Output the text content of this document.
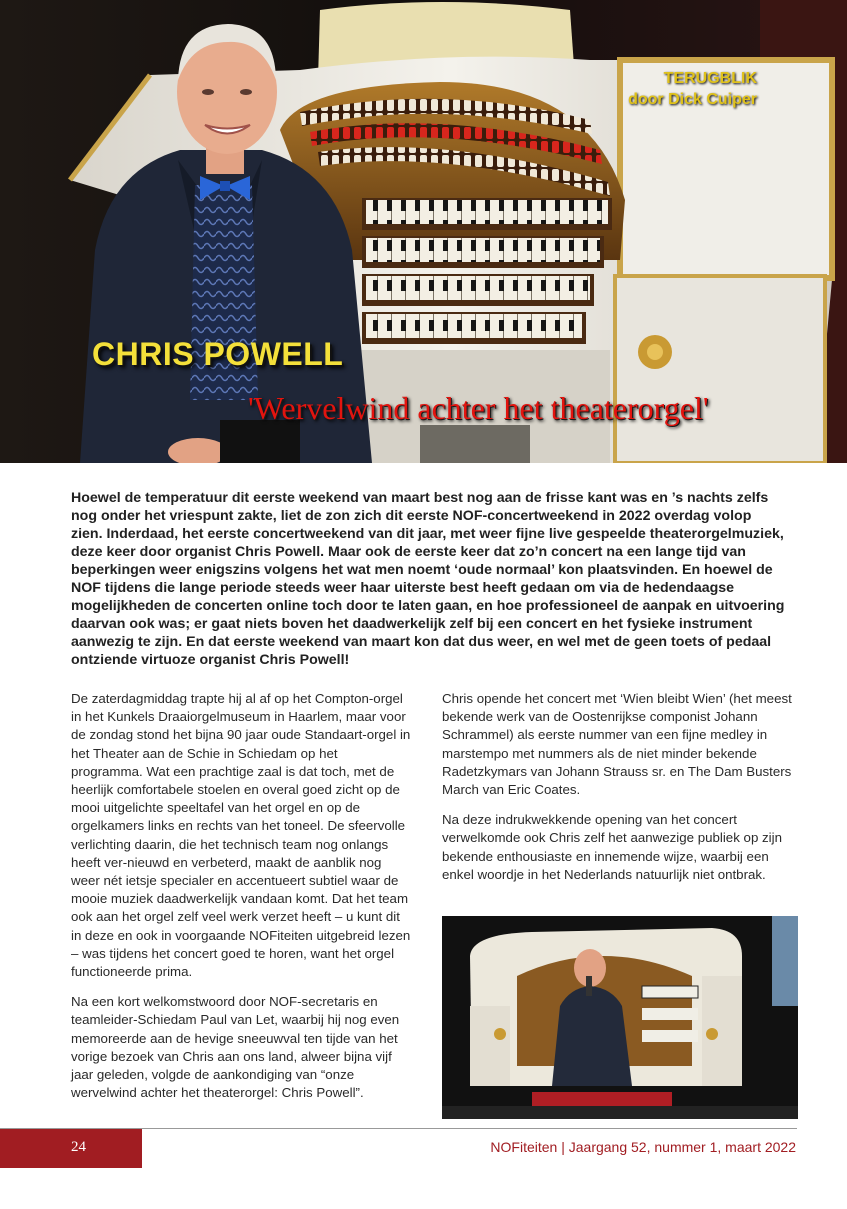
TERUGBLIK
door Dick Cuiper
CHRIS POWELL
'Wervelwind achter het theaterorgel'
Hoewel de temperatuur dit eerste weekend van maart best nog aan de frisse kant was en ’s nachts zelfs nog onder het vriespunt zakte, liet de zon zich dit eerste NOF-concertweekend in 2022 overdag volop zien. Inderdaad, het eerste concertweekend van dit jaar, met weer fijne live gespeelde theaterorgelmuziek, deze keer door organist Chris Powell. Maar ook de eerste keer dat zo’n concert na een lange tijd van beperkingen weer enigszins volgens het wat men noemt ‘oude normaal’ kon plaatsvinden. En hoewel de NOF tijdens die lange periode steeds weer haar uiterste best heeft gedaan om via de hedendaagse mogelijkheden de concerten online toch door te laten gaan, en hoe professioneel de aanpak en uitvoering daarvan ook was; er gaat niets boven het daadwerkelijk zelf bij een concert en het fysieke instrument aanwezig te zijn. En dat eerste weekend van maart kon dat dus weer, en wel met de geen toets of pedaal ontziende virtuoze organist Chris Powell!

De zaterdagmiddag trapte hij al af op het Compton-orgel in het Kunkels Draaiorgelmuseum in Haarlem, maar voor de zondag stond het bijna 90 jaar oude Standaart-orgel in het Theater aan de Schie in Schiedam op het programma. Wat een prachtige zaal is dat toch, met de heerlijk comfortabele stoelen en overal goed zicht op de mooi uitgelichte speeltafel van het orgel en op de orgelkamers links en rechts van het toneel. De sfeervolle verlichting daarin, die het technisch team nog onlangs heeft ver-nieuwd en verbeterd, maakt de aanblik nog weer nét ietsje specialer en accentueert subtiel waar de mooie muziek daadwerkelijk vandaan komt. Dat het team ook aan het orgel zelf veel werk verzet heeft – u kunt dit in deze en ook in voorgaande NOFiteiten uitgebreid lezen – was tijdens het concert goed te horen, want het orgel functioneerde prima.

Na een kort welkomstwoord door NOF-secretaris en teamleider-Schiedam Paul van Let, waarbij hij nog even memoreerde aan de hevige sneeuwval ten tijde van het vorige bezoek van Chris aan ons land, alweer bijna vijf jaar geleden, volgde de aankondiging van “onze wervelwind achter het theaterorgel: Chris Powell”.

Chris opende het concert met ‘Wien bleibt Wien’ (het meest bekende werk van de Oostenrijkse componist Johann Schrammel) als eerste nummer van een fijne medley in marstempo met nummers als de niet minder bekende Radetzkymars van Johann Strauss sr. en The Dam Busters March van Eric Coates.

Na deze indrukwekkende opening van het concert verwelkomde ook Chris zelf het aanwezige publiek op zijn bekende enthousiaste en innemende wijze, waarbij een enkel woordje in het Nederlands natuurlijk niet ontbrak.

24	NOFiteiten | Jaargang 52, nummer 1, maart 2022
